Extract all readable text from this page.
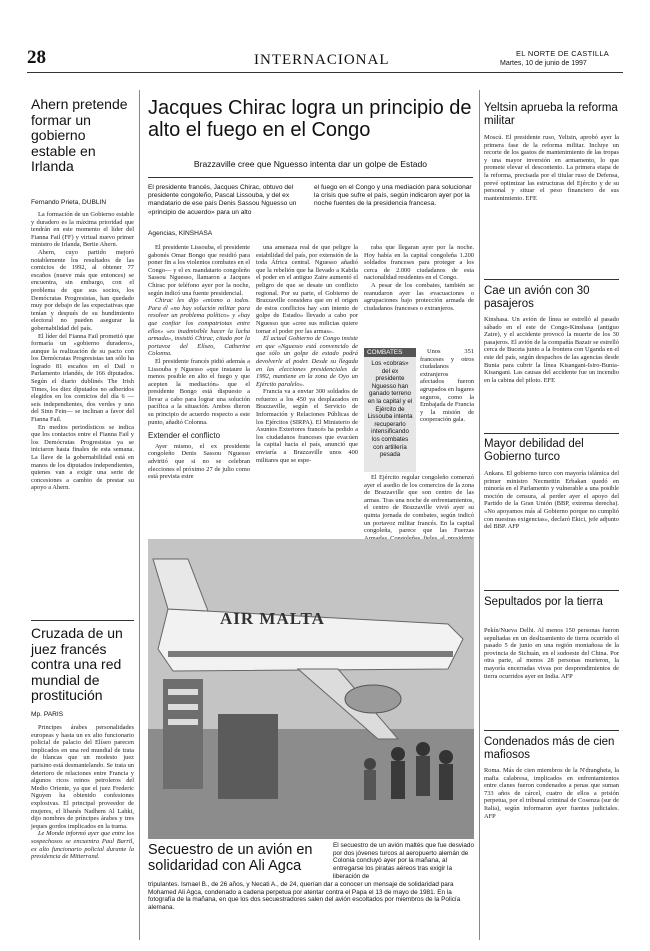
28	INTERNACIONAL	EL NORTE DE CASTILLA
Martes, 10 de junio de 1997
Ahern pretende formar un gobierno estable en Irlanda
Fernando Prieta, DUBLIN

La formación de un Gobierno estable y duradero es la máxima prioridad que tendrán en este momento el líder del Fianna Fail (FF) y virtual nuevo primer ministro de Irlanda, Bertie Ahern.

Ahern, cuyo partido mejoró notablemente los resultados de las comicios de 1992, al obtener 77 escaños (nueve más que entonces) se encuentra, sin embargo, con el problema de que sus socios, los Demócratas Progresistas, han quedado muy por debajo de las expectativas que tenían y después de su hundimiento electoral no pueden asegurar la gobernabilidad del país.

El líder del Fianna Fail prometió que formaría un «gobierno duradero», aunque la realización de su pacto con los Demócratas Progresistas tan sólo ha logrado 81 escaños en el Dail o Parlamento irlandés, de 166 diputados. Según el diario dublinés The Irish Times, los diez diputados no adheridos elegidos en los comicios del día 6 —seis independientes, dos verdes y uno del Sinn Fein— se inclinan a favor del Fianna Fail.

En medios periodísticos se indica que los contactos entre el Fianna Fail y los Demócratas Progresistas ya se iniciaron hasta finales de esta semana. La llave de la gobernabilidad está en manos de los diputados independientes, quienes van a exigir una serie de concesiones a cambio de prestar su apoyo a Ahern.

Cruzada de un juez francés contra una red mundial de prostitución
Mp. PARIS

Principes árabes personalidades europeas y hasta un ex alto funcionario policial de palacio del Elíseo parecen implicados en una red mundial de trata de blancas que un modesto juez parisino está desmantelando. Se trata un deterioro de relaciones entre Francia y algunos ricos reinos petroleros del Medio Oriente, ya que el juez Frederic Nguyen ha obtenido confesiones explosivas. El principal proveedor de mujeres, el libanés Nadhem Al Lahki, dijo nombres de príncipes árabes y tres jeques gordos implicados en la trama.

Le Monde informó ayer que entre los sospechosos se encuentra Paul Barril, ex alto funcionario policial durante la presidencia de Mitterrand.

Jacques Chirac logra un principio de alto el fuego en el Congo
Brazzaville cree que Nguesso intenta dar un golpe de Estado
El presidente francés, Jacques Chirac, obtuvo del presidente congoleño, Pascal Lissouba, y del ex mandatario de ese país Denis Sassou Nguesso un «principio de acuerdo» para un alto
el fuego en el Congo y una mediación para solucionar la crisis que sufre el país, según indicaron ayer por la noche fuentes de la presidencia francesa.
Agencias, KINSHASA

El presidente Lissouba, el presidente gabonés Omar Bongo que residió para poner fin a los violentos combates en el Congo— y el ex mandatario congoleño Sassou Nguesso, llamaron a Jacques Chirac por teléfono ayer por la noche, según indicó una fuente presidencial.

Chirac les dijo «mismo a todos. Para él «no hay solución militar para resolver un problema político» y «hay que confiar los compatriotas entre ellos» «es inadmisible hacer la lucha armada», insistió Chirac, citado por la portavoz del Elíseo, Catherine Colonna.

El presidente francés pidió además a Lissouba y Nguesso «que instaure la menos posible en alto el fuego y que acepten la mediación» que el presidente Bongo está dispuesto a llevar a cabo para lograr una solución pacífica a la situación. Ambos dieron su principio de acuerdo respecto a este punto, añadió Colonna.

Extender el conflicto

Ayer mismo, el ex presidente congoleño Denis Sassou Nguesso advirtió que si no se celebran elecciones el próximo 27 de julio como está prevista estre

una amenaza real de que peligre la estabilidad del país, por extensión de la toda África central. Nguesso añadió que la rebelión que ha llevado a Kabila el poder en el antiguo Zaire aumentó el peligro de que se desate un conflicto regional. Por su parte, el Gobierno de Brazzaville considera que en el origen de estos conflictos hay «un intento de golpe de Estado» llevado a cabo por Nguesso que «cree sus milicias quiere tomar el poder por las armas».

El actual Gobierno de Congo insiste en que «Nguesso está convencido de que sólo un golpe de estado podrá devolverle al poder. Desde su llegada en las elecciones presidenciales de 1992, mantiene en la zona de Oyo un Ejército paralelo».

Francia va a enviar 300 soldados de refuerzo a los 450 ya desplazados en Brazzaville, según el Servicio de Información y Relaciones Públicas de los Ejércitos (SIRPA). El Ministerio de Asuntos Exteriores francés ha pedido a los ciudadanos franceses que evacúen la capital hacia el país, anunció que enviaría a Brazzaville unos 400 militares que se espe-

raba que llegaran ayer por la noche. Hoy había en la capital congoleña 1.200 soldados franceses para proteger a los cerca de 2.000 ciudadanos de esta nacionalidad residentes en el Congo.

A pesar de los combates, también se reanudaron ayer las evacuaciones o agrupaciones bajo protección armada de ciudadanos franceses o extranjeros.

COMBATES
Los «cobras» del ex presidente Nguesso han ganado terreno en la capital y el Ejército de Lissouba intenta recuperarlo intensificando los combates con artillería pesada

Unos 351 franceses y otros ciudadanos extranjeros afectados fueron agrupados en lugares seguros, como la Embajada de Francia y la misión de cooperación gala.

El Ejército regular congoleño comenzó ayer el asedio de los comercios de la zona de Brazzaville que son centro de las armas. Tras una noche de enfrentamientos, el centro de Brazzaville vivió ayer su quinta jornada de combates, según indicó un portavoz militar francés. En la capital congoleña, parece que las Fuerzas

AIR MALTA
Secuestro de un avión en solidaridad con Ali Agca
El secuestro de un avión maltés que fue desviado por dos jóvenes turcos al aeropuerto alemán de Colonia concluyó ayer por la mañana, al entregarse los piratas aéreos tras exigir la liberación de
tripulantes. Ismael B., de 26 años, y Necati A., de 24, querían dar a conocer un mensaje de solidaridad para Mohamed Ali Agca, condenado a cadena perpetua por atentar contra el Papa el 13 de mayo de 1981. En la fotografía de la mañana, en que los dos secuestradores salen del avión escoltados por miembros de la Policía alemana.
Yeltsin aprueba la reforma militar
Moscú. El presidente ruso, Yeltsin, aprobó ayer la primera fase de la reforma militar. Incluye un recorte de los gastos de mantenimiento de las tropas y una mayor inversión en armamento, lo que promete elevar el descontento. La primera etapa de la reforma, precisada por el titular ruso de Defensa, prevé optimizar las estructuras del Ejército y de su personal y situar el peso financiero de sus mantenimiento. EFE
Cae un avión con 30 pasajeros
Kinshasa. Un avión de línea se estrelló al pasado sábado en el este de Congo-Kinshasa (antiguo Zaire), y el accidente provocó la muerte de los 30 pasajeros. El avión de la compañía Bazair se estrelló cerca de Buceta junto a la frontera con Uganda en el este del país, según despachos de las agencias desde Bunia para cubrir la línea Kisangani-Isiro-Bunia-Kisangani. Las causas del accidente fue un incendio en la cabina del piloto. EFE
Mayor debilidad del Gobierno turco
Ankara. El gobierno turco con mayoría islámica del primer ministro Necmettin Erbakan quedó en minoría en el Parlamento y vulnerable a una posible moción de censura, al perder ayer el apoyo del Partido de la Gran Unión (BBP, extrema derecha). «No apoyamos más al Gobierno porque no cumplió con nuestras exigencias», declaró Ekici, jefe adjunto del BBP. AFP
Sepultados por la tierra
Pekín/Nueva Delhi. Al menos 150 personas fueron sepultadas en un deslizamiento de tierra ocurrido el pasado 5 de junio en una región montañosa de la provincia de Sichuán, en el sudoeste del China. Por otra parte, al menos 28 personas murieron, la mayoría encerradas vivas por desprendimientos de tierra ocurridos ayer en India. AFP
Condenados más de cien mafiosos
Roma. Más de cien miembros de la N'drangheta, la mafia calabresa, implicados en enfrentamientos entre clanes fueron condenados a penas que suman 733 años de cárcel, cuatro de ellos a prisión perpetua, por el tribunal criminal de Cosenza (sur de Italia), según informaron ayer fuentes judiciales. AFP
